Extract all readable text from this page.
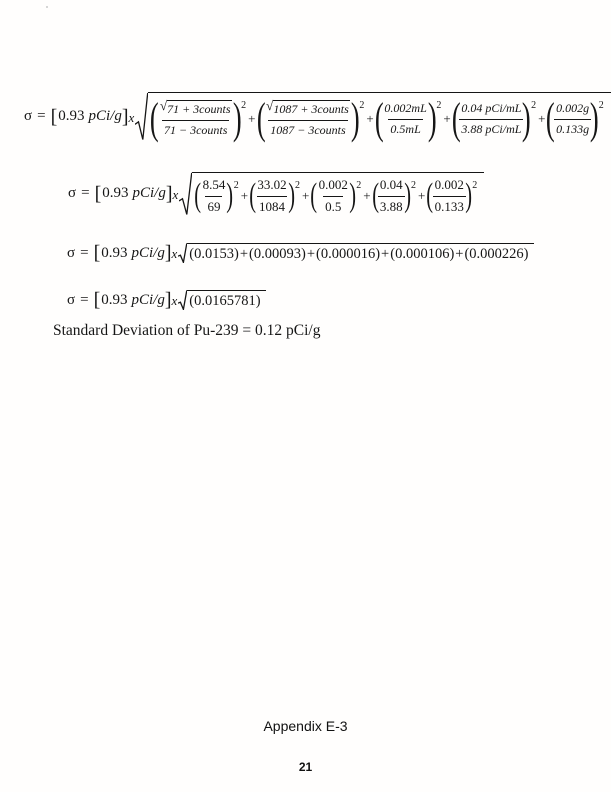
σ = [ 0.93 pCi/g ] x (
$\frac{\text{√ 71 + 3counts}}{\text{71 − 3counts}}$
) 2
+ (
$\frac{\text{√ 1087 + 3counts}}{\text{1087 − 3counts}}$
) 2
+ (
$\frac{0.002mL}{0.5mL}$
) 2
+ (
$\frac{\text{0.04 pCi/mL}}{\text{3.88 pCi/mL}}$
) 2
+ (
$\frac{0.002g}{0.133g}$
) 2
σ = [ 0.93 pCi/g ] x ( $\frac{8.54}{69}$ ) 2
+ ( $\frac{33.02}{1084}$ ) 2
+ ( $\frac{0.002}{0.5}$ ) 2
+ ( $\frac{0.04}{3.88}$ ) 2
+ ( $\frac{0.002}{0.133}$ ) 2
σ = [ 0.93 pCi/g ] x (0.0153) + (0.00093) + (0.000016) + (0.000106) + (0.000226)
σ = [ 0.93 pCi/g ] x (0.0165781)
Standard Deviation of Pu-239 = 0.12 pCi/g
Appendix E-3
21
